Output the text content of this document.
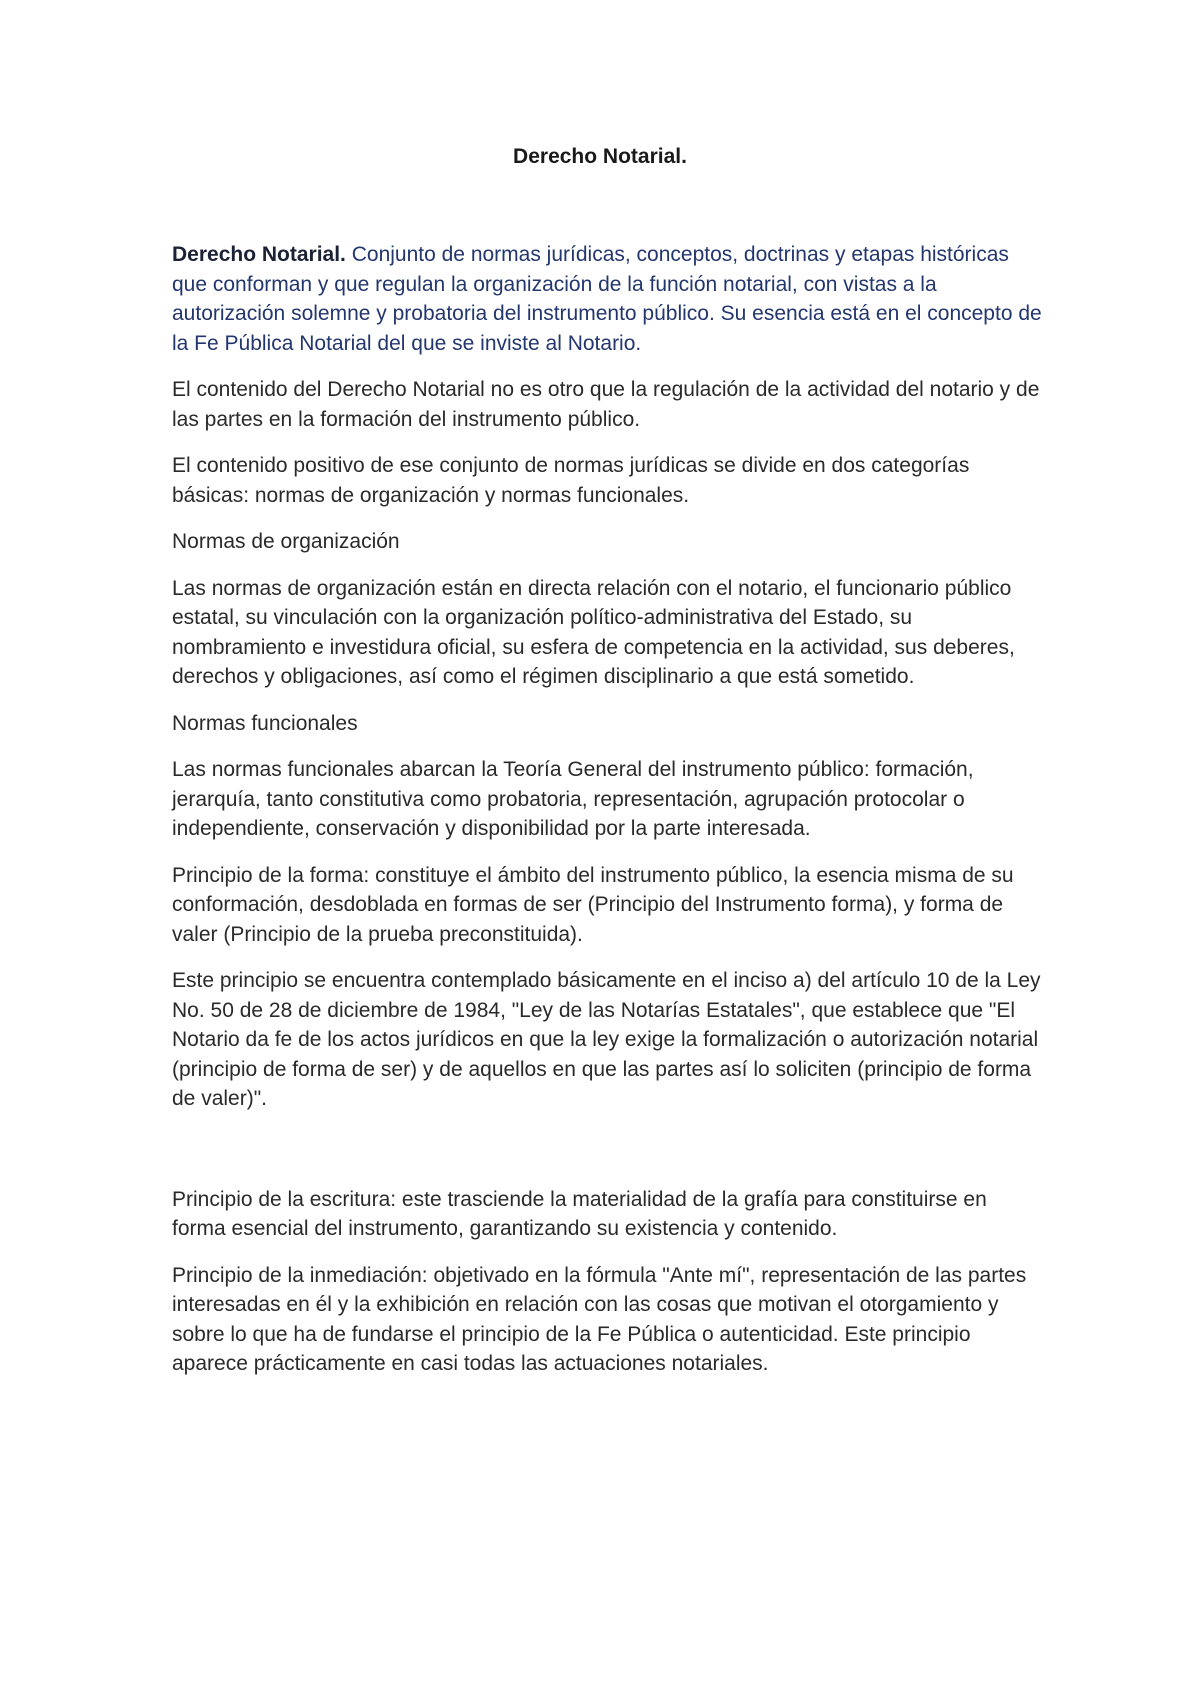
Derecho Notarial.

Derecho Notarial. Conjunto de normas jurídicas, conceptos, doctrinas y etapas históricas que conforman y que regulan la organización de la función notarial, con vistas a la autorización solemne y probatoria del instrumento público. Su esencia está en el concepto de la Fe Pública Notarial del que se inviste al Notario.

El contenido del Derecho Notarial no es otro que la regulación de la actividad del notario y de las partes en la formación del instrumento público.

El contenido positivo de ese conjunto de normas jurídicas se divide en dos categorías básicas: normas de organización y normas funcionales.

Normas de organización

Las normas de organización están en directa relación con el notario, el funcionario público estatal, su vinculación con la organización político-administrativa del Estado, su nombramiento e investidura oficial, su esfera de competencia en la actividad, sus deberes, derechos y obligaciones, así como el régimen disciplinario a que está sometido.

Normas funcionales

Las normas funcionales abarcan la Teoría General del instrumento público: formación, jerarquía, tanto constitutiva como probatoria, representación, agrupación protocolar o independiente, conservación y disponibilidad por la parte interesada.

Principio de la forma: constituye el ámbito del instrumento público, la esencia misma de su conformación, desdoblada en formas de ser (Principio del Instrumento forma), y forma de valer (Principio de la prueba preconstituida).

Este principio se encuentra contemplado básicamente en el inciso a) del artículo 10 de la Ley No. 50 de 28 de diciembre de 1984, "Ley de las Notarías Estatales", que establece que "El Notario da fe de los actos jurídicos en que la ley exige la formalización o autorización notarial (principio de forma de ser) y de aquellos en que las partes así lo soliciten (principio de forma de valer)".

Principio de la escritura: este trasciende la materialidad de la grafía para constituirse en forma esencial del instrumento, garantizando su existencia y contenido.

Principio de la inmediación: objetivado en la fórmula "Ante mí", representación de las partes interesadas en él y la exhibición en relación con las cosas que motivan el otorgamiento y sobre lo que ha de fundarse el principio de la Fe Pública o autenticidad. Este principio aparece prácticamente en casi todas las actuaciones notariales.
